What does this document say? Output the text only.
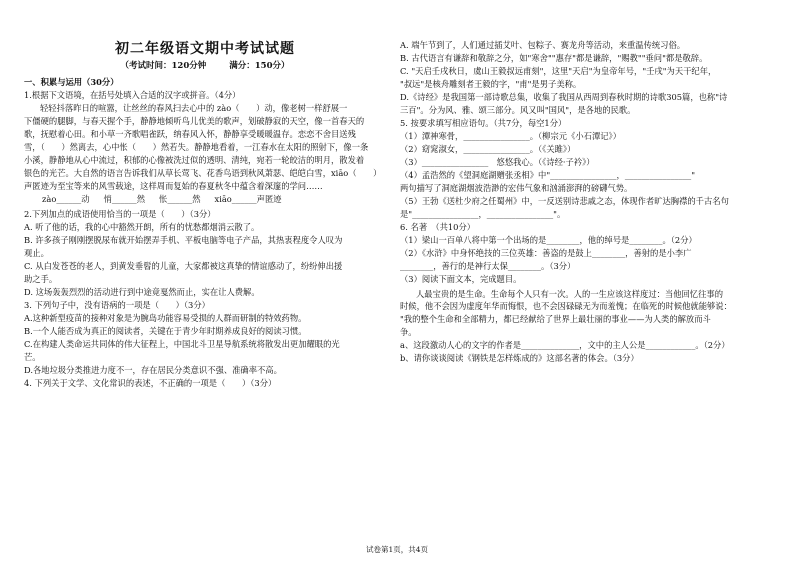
初二年级语文期中考试试题
（考试时间：120分钟	满分：150分）
一、积累与运用（30分）
1.根据下文语境，在括号处填入合适的汉字或拼音。（4分）
轻轻抖落昨日的喧嚣，让丝丝的春风扫去心中的 zào（　　）动，像老树一样舒展一
下僵硬的腿脚，与春天握个手，静静地倾听鸟儿优美的歌声，划破静寂的天空，像一首春天的
歌，抚慰着心田。和小草一齐歌唱雀跃，纳春风入怀，静静享受暖暖温存。恋恋不舍目送残
雪，（　　）然离去，心中怅（　　）然若失。静静地看着，一江春水在太阳的照射下，像一条
小溪，静静地从心中流过，积郁的心像被洗过似的透明、清纯，宛若一轮皎洁的明月，散发着
银色的光芒。大自然的语言告诉我们从草长莺飞、花香鸟语到秋风萧瑟、皑皑白雪，xiāo（　　）
声匿迹为至宝等来的风雪载途，这样周而复始的春夏秋冬中蕴含着深邃的学问……
zào______动 悄______然 怅______然 xiāo______声匿迹
2.下列加点的成语使用恰当的一项是（　　）（3分）
A. 听了他的话，我的心中豁然开朗，所有的忧愁都烟消云散了。
B. 许多孩子刚刚摆脱尿布就开始摆弄手机、平板电脑等电子产品，其热衷程度令人叹为
观止。
C. 从白发苍苍的老人，到黄发垂髫的儿童，大家都被这真挚的情谊感动了，纷纷伸出援
助之手。
D. 这场轰轰烈烈的活动进行到中途竟戛然而止，实在让人费解。
3. 下列句子中，没有语病的一项是（　　）（3分）
A.这种新型疫苗的接种对象是为腕岛功能容易受损的人群而研制的特效药物。
B.一个人能否成为真正的阅读者，关键在于青少年时期养成良好的阅读习惯。
C.在构建人类命运共同体的伟大征程上，中国北斗卫星导航系统将散发出更加耀眼的光
芒。
D.各地垃圾分类推进力度不一，存在居民分类意识不强、准确率不高。
4. 下列关于文学、文化常识的表述，不正确的一项是（　　）（3分）
A. 端午节到了，人们通过插艾叶、包粽子、赛龙舟等活动，来重温传统习俗。
B. 古代语言有谦辞和敬辞之分，如"寒舍""惠存"都是谦辞，"赐教""垂问"都是敬辞。
C. "天启壬戌秋日，虞山王毅叔远甫刻"，这里"天启"为皇帝年号，"壬戌"为天干纪年，
"叔远"是核舟雕刻者王毅的字，"甫"是男子美称。
D.《诗经》是我国第一部诗歌总集，收集了我国从西周到春秋时期的诗歌305篇，也称"诗
三百"。分为风、雅、颂三部分。风又叫"国风"，是各地的民歌。
5. 按要求填写相应语句。（共7分，每空1分）
（1）潭神寒骨，________________。（柳宗元《小石潭记》）
（2）窈窕淑女，________________。（《关雎》）
（3）________________　悠悠我心。（《诗经·子衿》）
（4）孟浩然的《望洞庭湖赠张丞相》中"________________，________________"
两句描写了洞庭湖烟波浩渺的宏伟气象和汹涌澎湃的磅礴气势。
（5）王勃《送杜少府之任蜀州》中，一反送别诗悲戚之态，体现作者旷达胸襟的千古名句
是"________________，________________"。
6. 名著　（共10分）
（1）梁山一百单八将中第一个出场的是________，他的绰号是________。（2分）
（2）《水浒》中身怀绝技的三位英雄：善盗的是鼓上________，善射的是小李广
________，善行的是神行太保________。（3分）
（3）阅读下面文本，完成题目。
人最宝贵的是生命。生命每个人只有一次。人的一生应该这样度过：当他回忆往事的
时候，他不会因为虚度年华而悔恨，也不会因碌碌无为而羞愧；在临死的时候他就能够说：
"我的整个生命和全部精力，都已经献给了世界上最壮丽的事业——为人类的解放而斗
争。
a、这段激动人心的文字的作者是______________，文中的主人公是____________。（2分）
b、请你谈谈阅读《钢铁是怎样炼成的》这部名著的体会。（3分）
试卷第1页，共4页
